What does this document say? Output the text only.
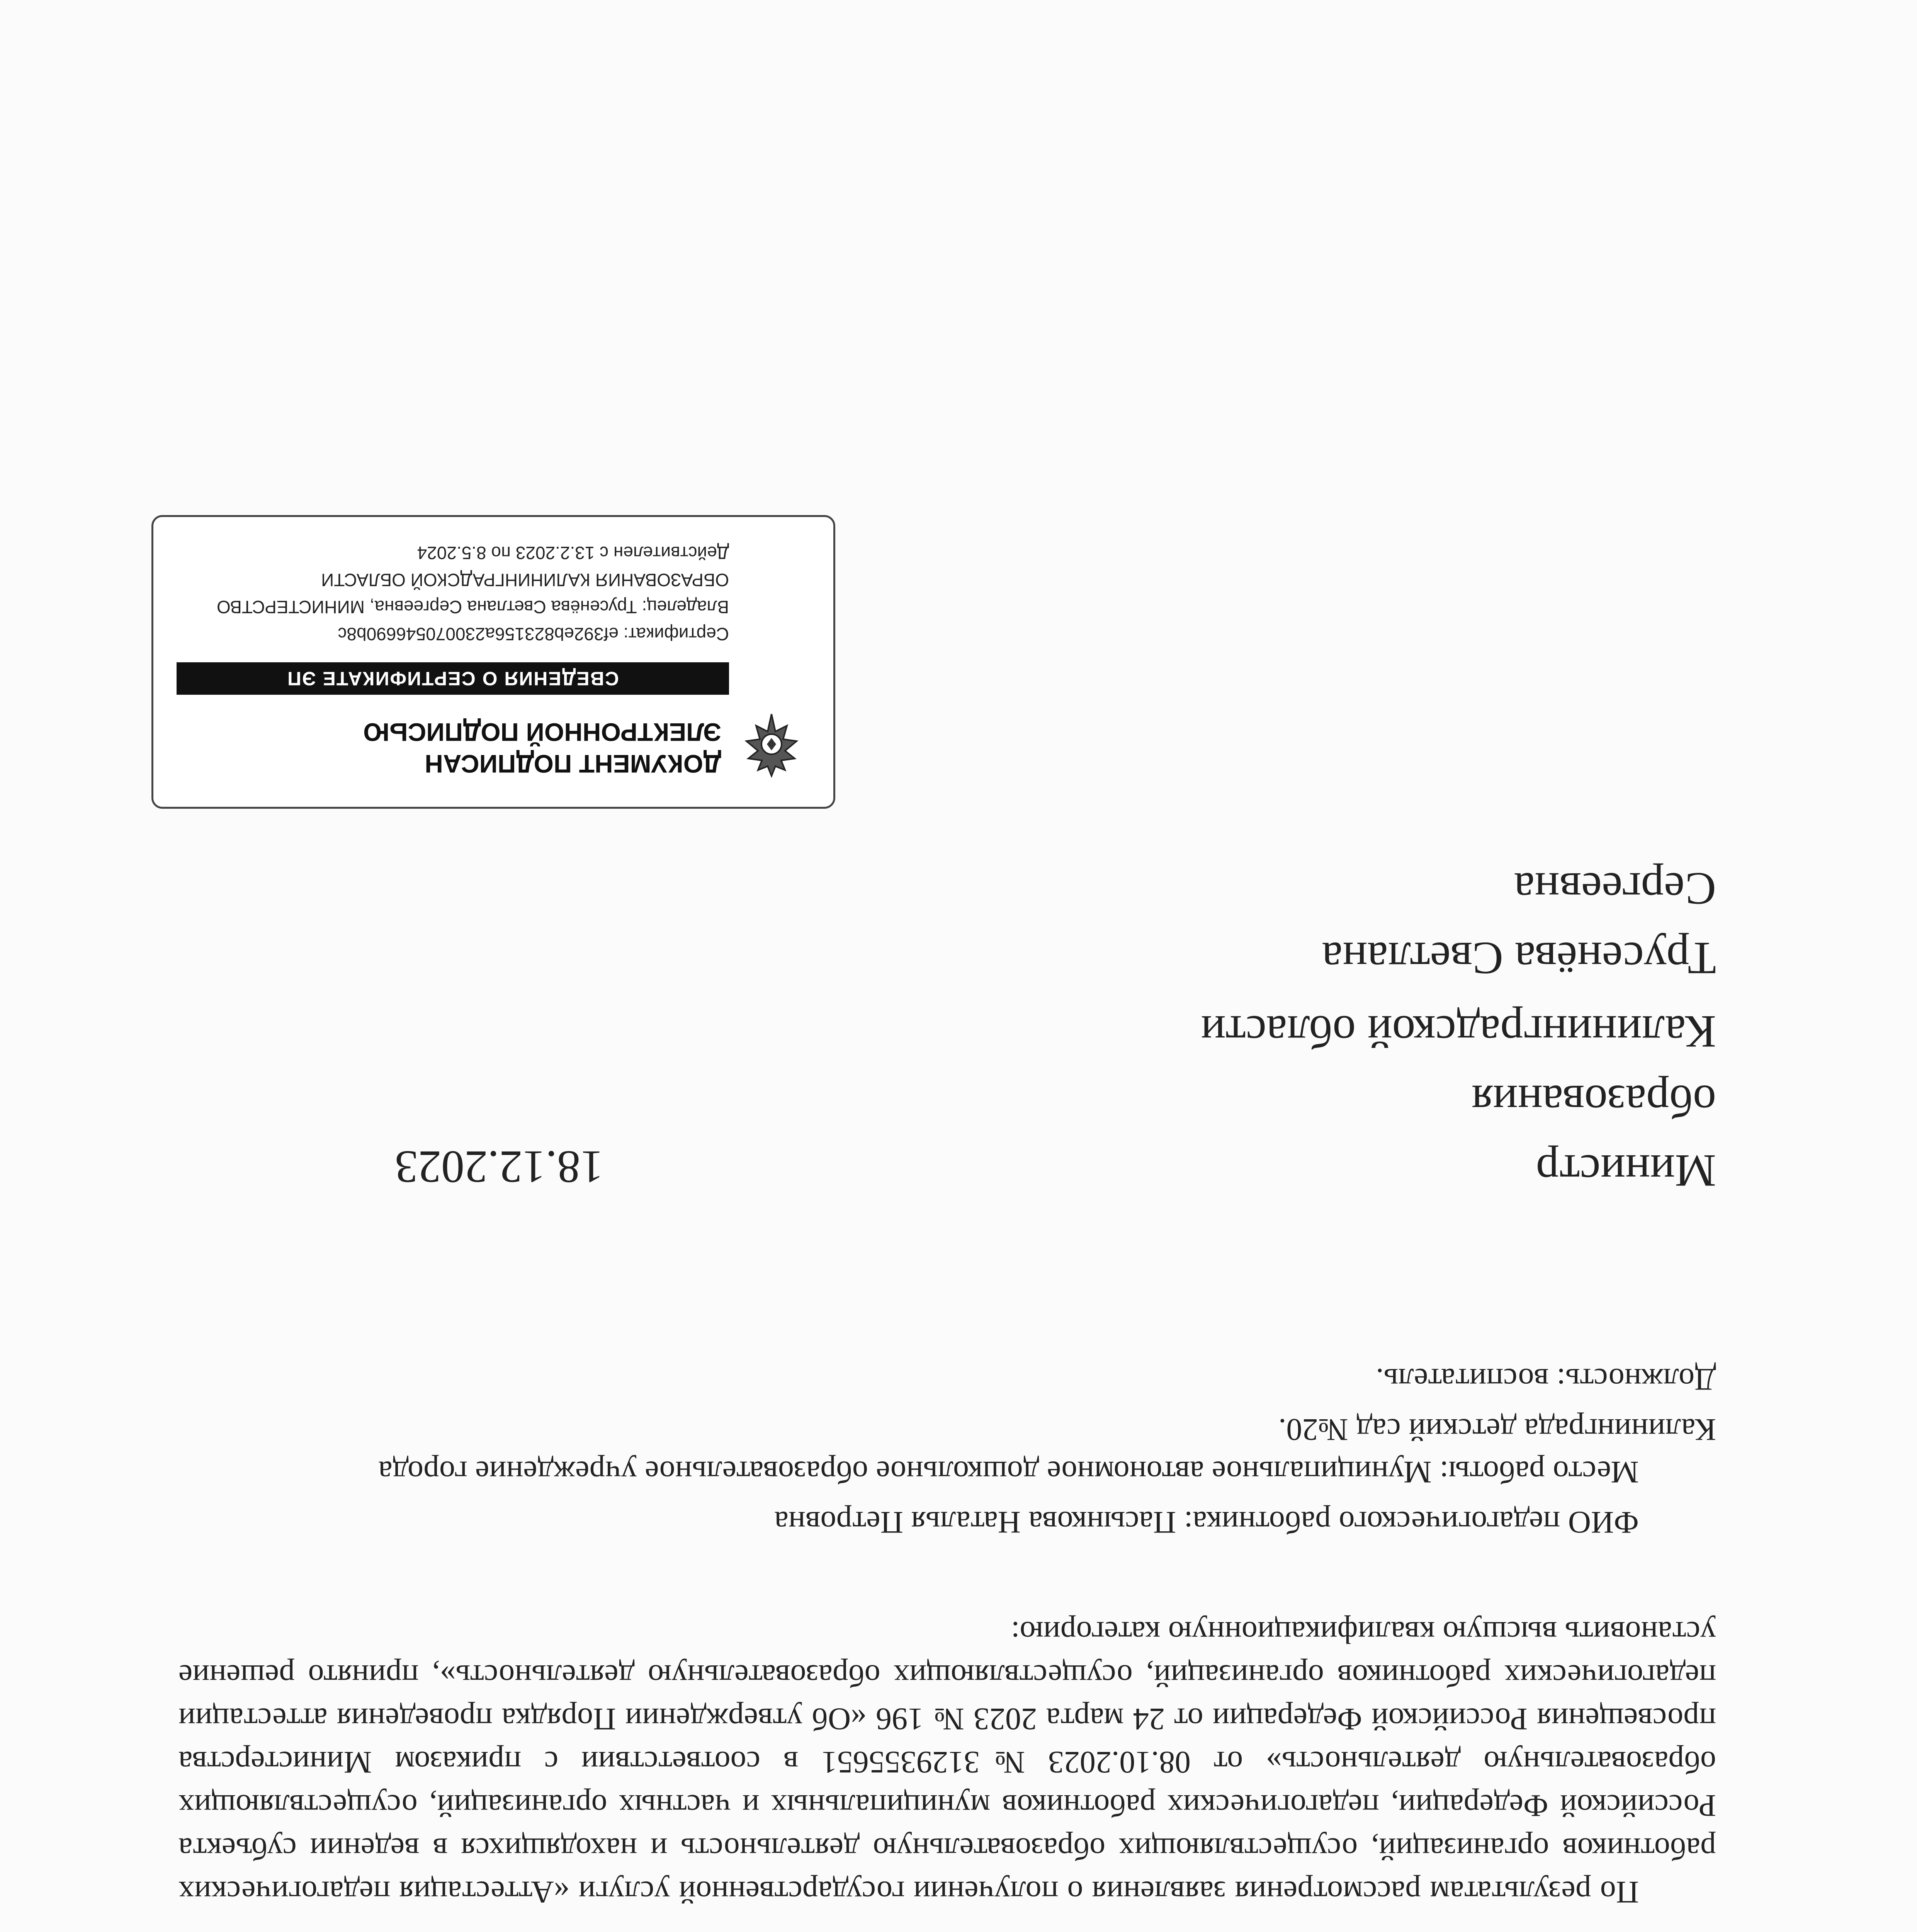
По результатам рассмотрения заявления о получении государственной услуги «Аттестация педагогических работников организаций, осуществляющих образовательную деятельность и находящихся в ведении субъекта Российской Федерации, педагогических работников муниципальных и частных организаций, осуществляющих образовательную деятельность» от 08.10.2023 №3129355651 в соответствии с приказом Министерства просвещения Российской Федерации от 24 марта 2023 № 196 «Об утверждении Порядка проведения аттестации педагогических работников организаций, осуществляющих образовательную деятельность», принято решение установить высшую квалификационную категорию:
ФИО педагогического работника: Пасынкова Наталья Петровна
Место работы: Муниципальное автономное дошкольное образовательное учреждение города
Калининграда детский сад №20.
Должность: воспитатель.
Министр
образования
Калининградской области
Трусенёва Светлана
Сергеевна
18.12.2023
ДОКУМЕНТ ПОДПИСАН
ЭЛЕКТРОННОЙ ПОДПИСЬЮ
СВЕДЕНИЯ О СЕРТИФИКАТЕ ЭП
Сертификат: ef392eb823156a230070546690b8c
Владелец: Трусенёва Светлана Сергеевна, МИНИСТЕРСТВО
ОБРАЗОВАНИЯ КАЛИНИНГРАДСКОЙ ОБЛАСТИ
Действителен с 13.2.2023 по 8.5.2024
